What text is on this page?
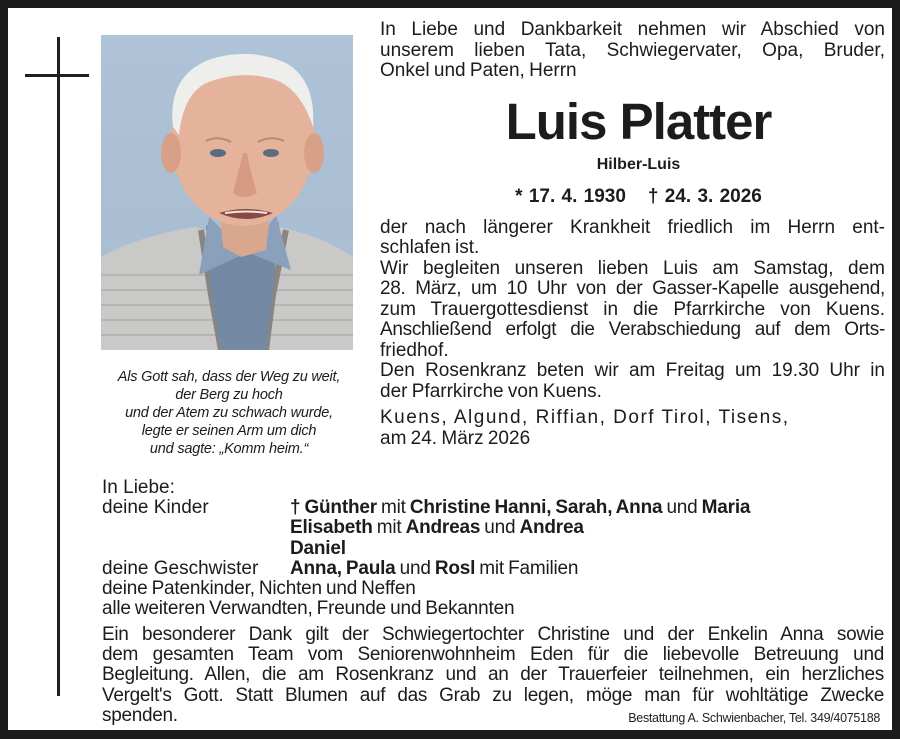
Als Gott sah, dass der Weg zu weit,
der Berg zu hoch
und der Atem zu schwach wurde,
legte er seinen Arm um dich
und sagte: „Komm heim.“
In Liebe und Dankbarkeit nehmen wir Abschied von
unserem lieben Tata, Schwiegervater, Opa, Bruder,
Onkel und Paten, Herrn
Luis Platter
Hilber-Luis
* 17. 4. 1930 † 24. 3. 2026
der nach längerer Krankheit friedlich im Herrn ent-
schlafen ist.
Wir begleiten unseren lieben Luis am Samstag, dem
28. März, um 10 Uhr von der Gasser-Kapelle ausgehend,
zum Trauergottesdienst in die Pfarrkirche von Kuens.
Anschließend erfolgt die Verabschiedung auf dem Orts-
friedhof.
Den Rosenkranz beten wir am Freitag um 19.30 Uhr in
der Pfarrkirche von Kuens.
Kuens, Algund, Riffian, Dorf Tirol, Tisens,
am 24. März 2026
In Liebe:
deine Kinder	† Günther mit Christine Hanni, Sarah, Anna und Maria
Elisabeth mit Andreas und Andrea
Daniel
deine Geschwister	Anna, Paula und Rosl mit Familien
deine Patenkinder, Nichten und Neffen
alle weiteren Verwandten, Freunde und Bekannten
Ein besonderer Dank gilt der Schwiegertochter Christine und der Enkelin Anna sowie
dem gesamten Team vom Seniorenwohnheim Eden für die liebevolle Betreuung und
Begleitung. Allen, die am Rosenkranz und an der Trauerfeier teilnehmen, ein herzliches
Vergelt's Gott. Statt Blumen auf das Grab zu legen, möge man für wohltätige Zwecke
spenden.	Bestattung A. Schwienbacher, Tel. 349/4075188
